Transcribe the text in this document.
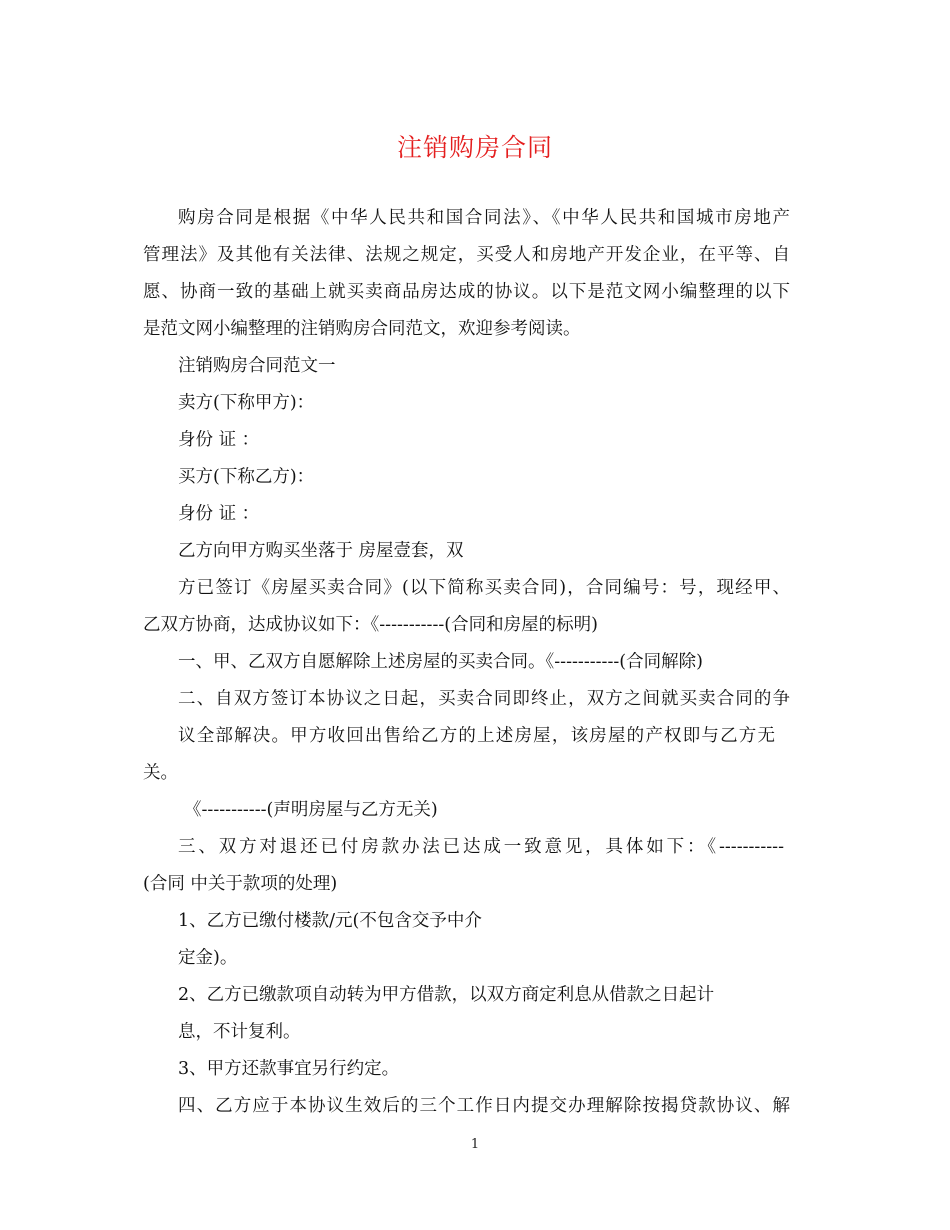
注销购房合同
购房合同是根据《中华人民共和国合同法》、《中华人民共和国城市房地产
管理法》及其他有关法律、法规之规定，买受人和房地产开发企业，在平等、自
愿、协商一致的基础上就买卖商品房达成的协议。以下是范文网小编整理的以下
是范文网小编整理的注销购房合同范文，欢迎参考阅读。
注销购房合同范文一
卖方(下称甲方)：
身份 证 ：
买方(下称乙方)：
身份 证 ：
乙方向甲方购买坐落于 房屋壹套，双
方已签订《房屋买卖合同》(以下简称买卖合同)，合同编号：号，现经甲、
乙双方协商，达成协议如下：《-----------(合同和房屋的标明)
一、甲、乙双方自愿解除上述房屋的买卖合同。《-----------(合同解除)
二、自双方签订本协议之日起，买卖合同即终止，双方之间就买卖合同的争
议全部解决。甲方收回出售给乙方的上述房屋，该房屋的产权即与乙方无
关。
《-----------(声明房屋与乙方无关)
三、双方对退还已付房款办法已达成一致意见，具体如下：《-----------
(合同 中关于款项的处理)
1、乙方已缴付楼款/元(不包含交予中介
定金)。
2、乙方已缴款项自动转为甲方借款，以双方商定利息从借款之日起计
息，不计复利。
3、甲方还款事宜另行约定。
四、乙方应于本协议生效后的三个工作日内提交办理解除按揭贷款协议、解
1
